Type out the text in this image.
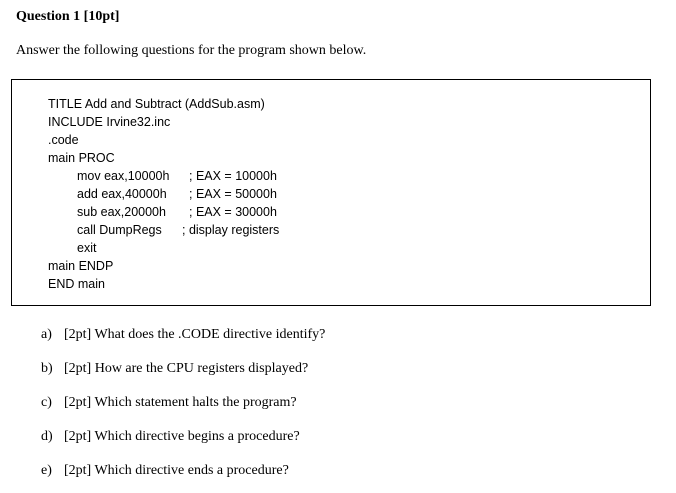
Question 1 [10pt]
Answer the following questions for the program shown below.
TITLE Add and Subtract (AddSub.asm)
INCLUDE Irvine32.inc
.code
main PROC
mov eax,10000h
add eax,40000h
sub eax,20000h
call DumpRegs
exit
main ENDP
END main
; EAX = 10000h
; EAX = 50000h
; EAX = 30000h
; display registers
a) [2pt] What does the .CODE directive identify?
b) [2pt] How are the CPU registers displayed?
c) [2pt] Which statement halts the program?
d) [2pt] Which directive begins a procedure?
e) [2pt] Which directive ends a procedure?
